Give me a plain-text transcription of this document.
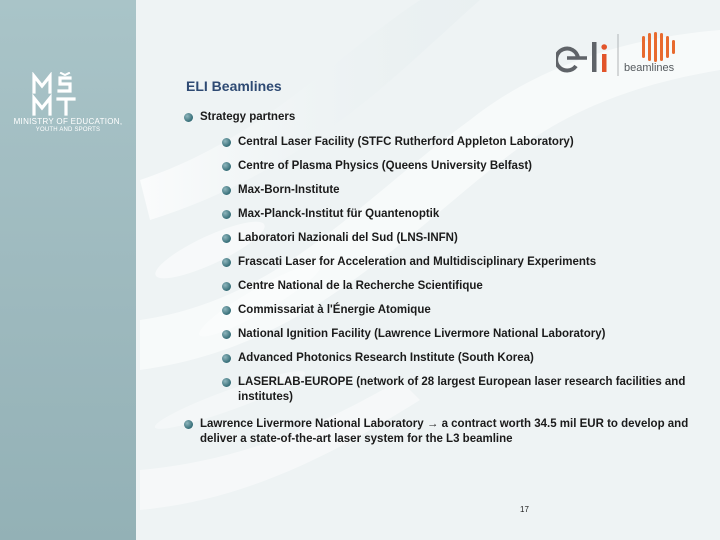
MINISTRY OF EDUCATION,
YOUTH AND SPORTS
beamlines
ELI Beamlines
Strategy partners
Central Laser Facility (STFC Rutherford Appleton Laboratory)
Centre of Plasma Physics (Queens University Belfast)
Max-Born-Institute
Max-Planck-Institut für Quantenoptik
Laboratori Nazionali del Sud (LNS-INFN)
Frascati Laser for Acceleration and Multidisciplinary Experiments
Centre National de la Recherche Scientifique
Commissariat à l'Énergie Atomique
National Ignition Facility (Lawrence Livermore National Laboratory)
Advanced Photonics Research Institute (South Korea)
LASERLAB-EUROPE (network of 28 largest European laser research facilities and institutes)
Lawrence Livermore National Laboratory → a contract worth 34.5 mil EUR to develop and deliver a state-of-the-art laser system for the L3 beamline
17
